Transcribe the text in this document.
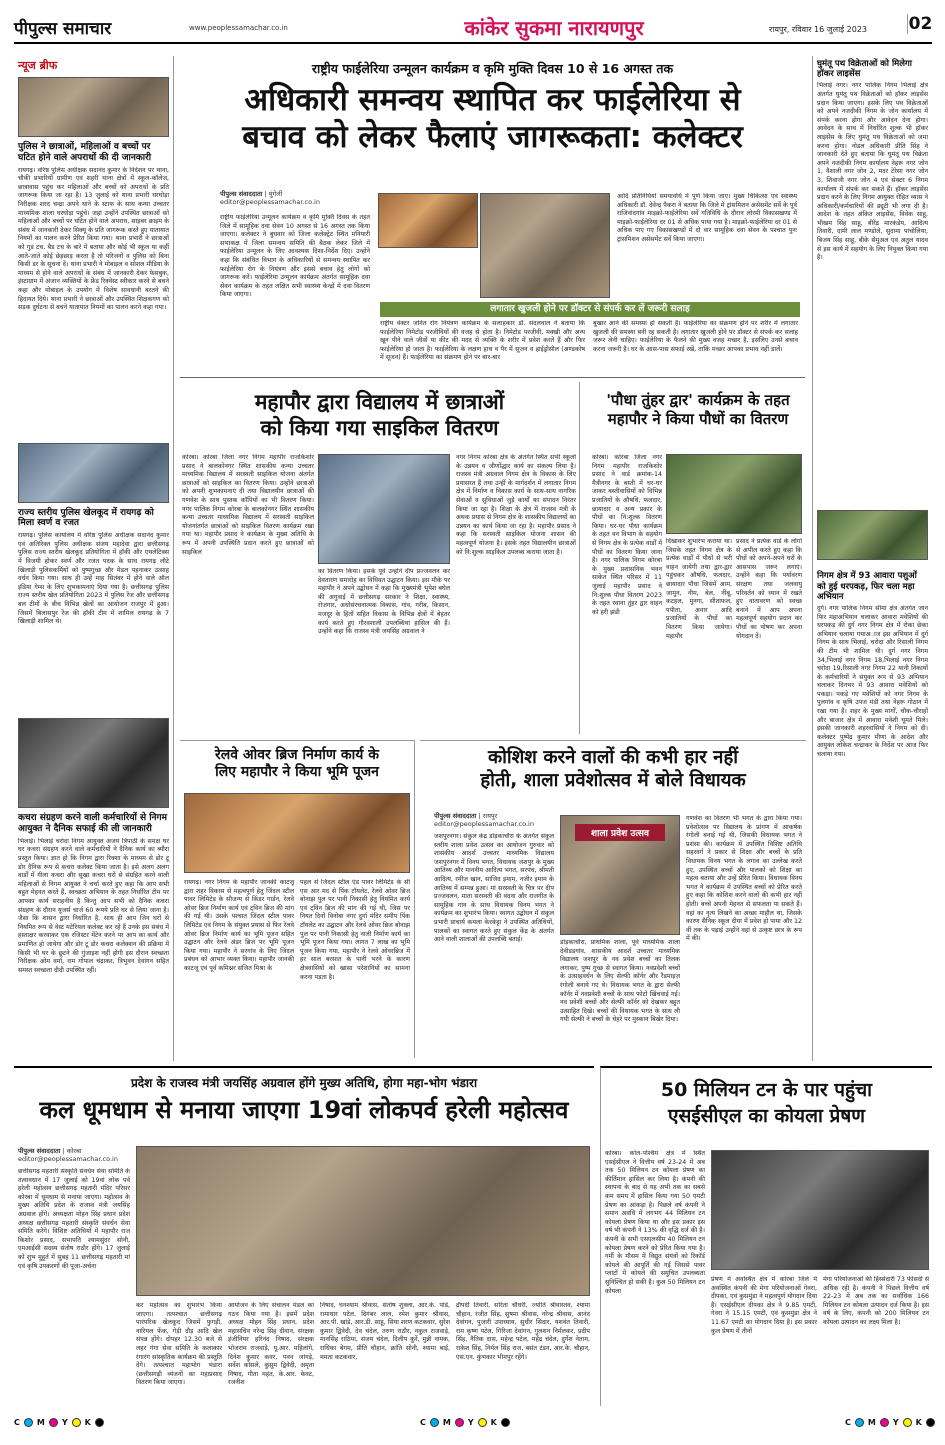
पीपुल्स समाचार	www.peoplessamachar.co.in	कांकेर सुकमा नारायणपुर	रायपुर, रविवार 16 जुलाई 2023 02
न्यूज ब्रीफ
पुलिस ने छात्राओं, महिलाओं व बच्चों पर घटित होने वाले अपराधों की दी जानकारी
रायगढ़। वरिष्ठ पुलिस अधीक्षक सदानंद कुमार के निर्देशन पर थाना, चौकी प्रभारियों ग्रामीण एवं शहरी थाना क्षेत्रों में स्कूल-कॉलेज, छात्रावास पहुंच कर महिलाओं और बच्चों को अपराधों के प्रति जागरूक किया जा रहा है। 13 जुलाई को थाना प्रभारी घरघोड़ा निरीक्षक शरद चन्द्रा अपने थाने के स्टाफ के साथ कन्या उच्चतर माध्यमिक शाला घरघोड़ा पहुंचे। जहां उन्होंने उपस्थित छात्राओं को महिलाओं और बच्चों पर घटित होने वाले अपराध, साइबर क्राइम के संबंध में जानकारी देकर सिक्यू के प्रति जागरूक करते हुए यातायात नियमों का पालन करने प्रेरित किया गया। थाना प्रभारी ने छात्राओं को गुड टच, बैड टच के बारे में बताया और कोई भी स्कूल या कहीं आते-जाते कोई छेड़छाड़ करता है तो परिजनों व पुलिस को बिना किसी डर के सूचना दें। थाना प्रभारी ने मोबाइल व सोशल मीडिया के माध्यम से होने वाले अपराधों के संबंध में जानकारी देकर फेसबुक, इंस्टाग्राम में अंजान व्यक्तियों के फ्रेंड रिक्वेस्ट स्वीकार करने से बचने कहा और मोबाइल के उपयोग में विशेष सावधानी बरतने की हिदायत दिये। थाना प्रभारी ने छात्राओं और उपस्थित शिक्षकगण को सड़क दुर्घटना से बचने यातायात नियमों का पालन करने कहा गया।
राज्य स्तरीय पुलिस खेलकूद में रायगढ़ को मिला स्वर्ण व रजत
रायगढ़। पुलिस कार्यालय में वरिष्ठ पुलिस अधीक्षक सदानंद कुमार एवं अतिरिक्त पुलिस अधीक्षक संजय महादेवा द्वारा छत्तीसगढ़ पुलिस राज्य स्तरीय खेलकूद प्रतियोगिता में हॉकी और एथलेटिक्स में विजयी होकर स्वर्ण और रजत पदक के साथ रायगढ़ लौटे खिलाड़ी पुलिसकर्मियों को पुष्पगुच्छ और मेडल पहनाकर उत्साह वर्धन किया गया। साथ ही उन्हें माह सितंबर में होने वाले ऑल इंडिया गेम्स के लिए शुभकामनाएं दिया गया है। छत्तीसगढ़ पुलिस राज्य स्तरीय खेल प्रतियोगिता 2023 में पुलिस रेंज और छत्तीसगढ़ बल टीमों के बीच विभिन्न खेलों का आयोजन राजपुर में हुआ। जिसमें बिलासपुर रेंज की हॉकी टीम में शामिल रायगढ़ के 7 खिलाड़ी शामिल थे।
कचरा संग्रहण करने वाली कर्मचारियों से निगम आयुक्त ने दैनिक सफाई की ली जानकारी
भिलाई। भिलाई चरोदा निगम आयुक्त अजय त्रिपाठी के समक्ष घर घर कचरा संग्रहण करने वाले कर्मचारियों ने दैनिक कार्य का ब्यौरा प्रस्तुत किया। ज्ञात हो कि निगम द्वारा रिक्शा के माध्यम से डोर टू डोर दैनिक रूप से कचरा कलेक्ट किया जाता है। इसे अलग अलग वार्डों में गीला कचरा और सूखा कचरा घरों से संग्रहित करने वाली महिलाओं से निगम आयुक्त ने चर्चा करते हुए कहा कि आप सभी बहुत मेहनत करते हैं, स्वच्छता अभियान के तहत निर्धारित टीम पर आपका कार्य सराहनीय है किन्तु आप सभी को दैनिक कचरा संग्रहण के दौरान यूजर्स चार्ज 60 रूपये प्रति घर से लिया जाना है। जैसा कि शासन द्वारा निर्धारित है, साथ ही आप जिन घरों से नियमित रूप से वेस्ट मटेरियल कलेक्ट कर रहे हैं उनके इस संबंध में हस्ताक्षर करवाकर एक रजिस्टर मेंटेन करने पर आप का कार्य और प्रमाणित हो जायेगा और डोर टू डोर कचरा कलेक्शन की प्रक्रिया में किसी भी घर के छूटने की गुंजाइश नहीं होगी इस दौरान स्वच्छता निरीक्षक ओम वर्मा, राम गोपाल चंद्राकर, त्रिभुवन देवांगन सहित समस्त स्वच्छता दीदी उपस्थित रहीं।
राष्ट्रीय फाईलेरिया उन्मूलन कार्यक्रम व कृमि मुक्ति दिवस 10 से 16 अगस्त तक
अधिकारी समन्वय स्थापित कर फाईलेरिया से
बचाव को लेकर फैलाएं जागरूकता: कलेक्टर
पीपुल्स संवाददाता | मुंगेली
editor@peoplessamachar.co.in
राष्ट्रीय फाईलेरिया उन्मूलन कार्यक्रम व कृमि मुक्ति दिवस के तहत जिले में सामूहिक दवा सेवन 10 अगस्त से 16 अगस्त तक किया जाएगा। कलेक्टर ने बुधवार को जिला कलेक्ट्रेट स्थित मनियारी सभाकक्ष में जिला समन्वय समिति की बैठक लेकर जिले में फाईलेरिया उन्मूलन के लिए आवश्यक दिशा-निर्देश दिए। उन्होंने कहा कि संबंधित विभाग के अधिकारियों से समन्वय स्थापित कर फाईलेरिया रोग के नियंत्रण और इससे बचाव हेतु लोगों को जागरूक करें। फाईलेरिया उन्मूलन कार्यक्रम अंतर्गत सामूहिक दवा सेवन कार्यक्रम के तहत लक्षित सभी स्वास्थ्य केन्द्रों में दवा वितरण किया जाएगा।
आदि प्रतिनिधियों समयावधि में पूर्ण किया जाए। मुख्य चिकित्सा एवं स्वास्थ्य अधिकारी डॉ. देवेन्द्र पैकरा ने बताया कि जिले में ट्रांसमिशन असेसमेंट सर्वे के पूर्व राजिनांदगांव माइक्रो-फाईलेरिया सर्वे गतिविधि के दौरान लोरमी विकासखण्ड में माइक्रो-फाईलेरिया दर 01 से अधिक पाया गया है। माइक्रो-फाईलेरिया दर 01 से अधिक पाए गए विकासखण्डों में दो वार सामूहिक दवा सेवन के पश्चात पुनः ट्रांसमिशन असेसमेंट सर्वे किया जाएगा।
लगातार खुजली होने पर डॉक्टर से संपर्क कर लें जरूरी सलाह
राष्ट्रीय वेक्टर जनित रोग नियंत्रण कार्यक्रम के सलाहकार डॉ. संदलवाल ने बताया कि फाईलेरिया निमेटोड परजीवियों की वजह से होता है। निमेटोड परजीवी, मक्खी और अन्य खून पीने वाले जीवों या कीट की मदद से व्यक्ति के शरीर में प्रवेश करते हैं और फिर फाईलेरिया हो जाता है। फाईलेरिया के लक्षण हाथ व पैर में सूजन व हाईड्रोसील (अण्डकोष में सूजन) हैं। फाईलेरिया का संक्रमण होने पर बार-बार
बुखार आने की समस्या हो सकती है। फाईलेरिया का संक्रमण होने पर शरीर में लगातार खुजली की समस्या बनी रह सकती है। लगातार खुजली होने पर डॉक्टर से संपर्क कर सलाह जरूर लेनी चाहिए। फाईलेरिया के फैलने की मुख्य वजह मच्छर है, इसलिए उनसे बचाव करना जरूरी है। घर के आस-पास सफाई रखें, ताकि मच्छर आपका प्रभाव नहीं डालें।
घुमंतू पथ विक्रेताओं को मिलेगा हॉकर लाइसेंस
भिलाई नगर। नगर पालिक निगम भिलाई क्षेत्र अंतर्गत घुमंतू पथ विक्रेताओं को हॉकर लाइसेंस प्रदान किया जाएगा। इसके लिए पथ विक्रेताओं को अपने नजदीकी निगम के जोन कार्यालय में संपर्क करना होगा और आवेदन देना होगा। आवेदन के साथ में निर्धारित शुल्क भी हॉकर लाइसेंस के लिए घुमंतू पथ विक्रेताओं को जमा करना होगा। नोडल अधिकारी प्रीति सिंह ने जानकारी देते हुए बताया कि घुमंतू पथ विक्रेता अपने नजदीकी निगम कार्यालय नेहरू नगर जोन 1, वैशाली नगर जोन 2, मदर टेरेसा नगर जोन 3, शिवाजी नगर जोन 4 एवं सेक्टर 6 निगम कार्यालय में संपर्क कर सकते हैं। हॉकर लाइसेंस प्रदान करने के लिए निगम आयुक्त रोहित व्यास ने अधिकारी/कर्मचारियों की ड्यूटी भी लगा दी है। आदेश के तहत अंकित लाइसेंस, विवेक साहू, भीखम सिंह साहू, बीरेंद्र मारकंडेय, आदित्य तिवारी, दामी लाल मण्डोले, सुदामा पांचोलिया, बिजय सिंह साहू, बीके सेमुअल एवं अतुल यादव से इस कार्य में सहयोग के लिए नियुक्त किया गया है।
निगम क्षेत्र में 93 आवारा पशुओं को हुई धरपकड़, फिर चला महा अभियान
दुर्ग। नगर पालिक निगम सीमा क्षेत्र अंतर्गत जान फिर महाअभियान चलाकर आवारा मवेशियों की धरपकड़ की दुर्ग नगर निगम क्षेत्र में रोका छेका अभियान चलाया गयाअाज इस अभियान में दुर्ग निगम के साथ भिलाई, चरोदा और रिसाली निगम की टीम भी शामिल थी। दुर्ग नगर निगम 34,भिलाई नगर निगम 18,भिलाई नगर निगम चरोदा 19,रिसाली नगर निगम 22 यानी निकायों के कर्मचारियों ने संयुक्त रूप से 93 अभियान चलाकर दिनभर में 93 आवारा मवेशियों को पकड़ा। पकड़े गए मवेशियों को नगर निगम के पुलगांव व कृषि उपज मंडी तथा नेहरू गोठान में रखा गया है। शहर के मुख्य मार्गों, चौक-चौराहों और बाजार क्षेत्र में आवारा मवेशी घूमते मिले। इसकी जानकारी शहरवासियों ने निगम को दी। कलेक्टर पुष्पेंद्र कुमार मीणा के आदेश और आयुक्त लोकेश चन्द्राकर के निर्देश पर आज फिर चलाया गया।
महापौर द्वारा विद्यालय में छात्राओं
को किया गया साइकिल वितरण
कोरबा। कोरबा जिला नगर निगम महापौर राजकिशोर प्रसाद ने बालकोनगर स्थित शासकीय कन्या उच्चतर माध्यमिक विद्यालय में सरस्वती साइकिल योजना अंतर्गत छात्राओं को साइकिल का वितरण किया। उन्होंने छात्राओं को अपनी शुभकामनाएं दी तथा विद्यालयीन छात्राओं की गणवेश के साथ पुस्तक कॉपियों का भी वितरण किया। नगर पालिक निगम कोरबा के बालकोनगर स्थित शासकीय कन्या उच्चतर माध्यमिक विद्यालय में सरस्वती साइकिल योजनांतर्गत छात्राओं को साइकिल वितरण कार्यक्रम रखा गया था। महापौर प्रसाद ने कार्यक्रम के मुख्य अतिथि के रूप में अपनी उपस्थिति प्रदान करते हुए छात्राओं को साइकिल
का वितरण किया। इसके पूर्व उन्होंने दीप प्रज्जवलन कर देवतारण समारोह का विधिवत उद्घाटन किया। इस मौके पर महापौर ने अपने उद्बोधन में कहा कि मुख्यमंत्री भूपेश बघेल की अगुवाई में छत्तीसगढ़ सरकार ने शिक्षा, स्वास्थ्य, रोजगार, अधोसंरचनात्मक विकास, गांव, गरीब, किसान, मजदूर के हितों सहित विकास के विभिन्न क्षेत्रों में बेहतर कार्य करते हुए गौरवशाली उपलब्धियां हासिल की हैं। उन्होंने कहा कि राजस्व मंत्री जयसिंह अग्रवाल ने
नगर निगम कोरबा क्षेत्र के अंतर्गत स्थित सभी स्कूलों के उन्नयन व जीर्णोद्धार कार्य का संकल्प लिया है। राजस्व मंत्री अग्रवाल निगम क्षेत्र के विकास के लिए प्रयासरत हैं तथा उन्हीं के मार्गदर्शन में लगातार निगम क्षेत्र में निर्माण व विकास कार्य के साथ-साथ नागरिक सेवाओं व सुविधाओं जुड़े कार्यों का संपादन निरंतर किया जा रहा है। शिक्षा के क्षेत्र में राजस्व मंत्री के अथक प्रयास से निगम क्षेत्र के शासकीय विद्यालयों का उन्नयन का कार्य किया जा रहा है। महापौर प्रसाद ने कहा कि सरस्वती साइकिल योजना शासन की महत्वपूर्ण योजना है। इसके तहत विद्यालयीन छात्राओं को नि:शुल्क साइकिल उपलब्ध कराया जाता है।
'पौधा तुंहर द्वार' कार्यक्रम के तहत
महापौर ने किया पौधों का वितरण
कोरबा। कोरबा जिला नगर निगम महापौर राजकिशोर प्रसाद ने वार्ड क्रमांक-14 मैत्रीनगर के बस्ती में घर-घर जाकर बस्तीवासियों को विभिन्न प्रजातियों के औषधि, फलदार, छायादार व अन्य प्रकार के पौधों का नि:शुल्क वितरण किया। घर-घर पौधा कार्यक्रम के तहत वन विभाग के सहयोग से निगम क्षेत्र के प्रत्येक वार्डों में पौधों का वितरण किया जाना है। नगर पालिक निगम कोरबा के मुख्य प्रशासनिक भवन साकेत स्थित परिसर में 11 जुलाई महापौर प्रसाद ने नि:शुल्क पौधा वितरण 2023 के तहत रवाना तुंहर द्वार वाहन को हरी झंडी
दिखाकर शुभारंभ कराया था। जिसके तहत निगम क्षेत्र के प्रत्येक वार्डों में पौधों से भरी वाहन जायेगी तथा द्वार-द्वार पहुंचकर औषधि, फलदार, छायादार पौधा जिसमें आम, जामुन, नीम, बेल, नींबू, कटहल, मुनगा, सीताफल, पपीता, अनार आदि प्रजातियों के पौधों का वितरण किया जायेगा। महापौर
प्रसाद ने प्रत्येक वार्ड के लोगों से अपील करते हुए कहा कि पौधों को अपने-अपने घरों के आसपास जरूर लगाएं। उन्होंने कहा कि पर्यावरण संरक्षण तथा जलवायु परिवर्तन को ध्यान में रखते हुए वातावरण को स्वच्छ बनाने में आप अपना महत्वपूर्ण सहयोग प्रदान कर पौधों का पोषण कर अपना योगदान दें।
रेलवे ओवर ब्रिज निर्माण कार्य के
लिए महापौर ने किया भूमि पूजन
रायगढ़। नगर निगम के महापौर जानकी काटजू द्वारा शहर विकास से महत्वपूर्ण हेतु जिंदल स्टील पावर लिमिटेड के सौजन्य से किंडर गार्डन, रेलवे ओवर ब्रिज निर्माण कार्य एवं ट्विन ब्रिज की मांग की गई थी। उसके पश्चात जिंदल स्टील पावर लिमिटेड एवं निगम के संयुक्त प्रयास से फिर रेलवे ओवर ब्रिज निर्माण कार्य का भूमि पूजन सहित उद्घाटन और रेलवे अंडर ब्रिज पर भूमि पूजन किया गया। महापौर ने सरगांव के लिए जिंदल प्रबंधन को आभार व्यक्त किया। महापौर जानकी काटजू एवं पूर्व कमिश्नर संजित मिश्रा के
पहल से जिंदल स्टील एंड पावर लिमिटेड के सी एस आर मद से पिंक टॉयलेट, रेलवे ओवर ब्रिज बोनाझ पुल पर पानी निकासी हेतु नियमित कार्य एवं ट्विन ब्रिज की मांग की गई थी, जिस पर नियत दिनों विनोबा नगर दुर्गा मंदिर समीप पिंक टॉयलेट का उद्घाटन और रेलवे ओवर ब्रिज बोनाझ पुल पर पानी निकासी हेतु नाली निर्माण कार्य का भूमि पूजन किया गया। लागत 7 लाख का भूमि पूजन किया गया, महापौर ने रेलवे ओवरब्रिज में हर साल बरसात के पानी भरने के कारण क्षेत्रवासियों को खासा परेशानियों का सामना करना पड़ता है।
कोशिश करने वालों की कभी हार नहीं
होती, शाला प्रवेशोत्सव में बोले विधायक
पीपुल्स संवाददाता | रायपुर
editor@peoplessamachar.co.in
जशपुरनगर। संकुल केंद्र डोड़काचौरा के अंतर्गत संकुल स्तरीय शाला प्रवेश उत्सव का आयोजन गुरुवार को शासकीय आदर्श उच्चतर माध्यमिक विद्यालय जशपुरनगर में विनय भगत, विधायक जशपुर के मुख्य आतिथ्य और माननीय आदित्य भगत, सरपंच, श्रीमती आदित्य, रमीज खान, साजिद इमाम, नजीर इमाम के आतिथ्य में सम्पन्न हुआ। मां सरस्वती के चित्र पर दीप प्रज्जवलन, माता सरस्वती की वंदना और राजगीत के सामूहिक गान के साथ विधायक विनय भगत ने कार्यक्रम का शुभारंभ किया। स्वागत उद्बोधन में संकुल प्रभारी प्राचार्य कमला केरकेट्टा ने उपस्थित अतिथियों, पालकों का स्वागत करते हुए संकुल केंद्र के अंतर्गत आने वाली शालाओं की उपलब्धि बताई।
शाला प्रवेश उत्सव
डोड़काचौरा, प्राथमिक शाला, पूर्व माध्यमिक शाला देवीडडगांव, शासकीय आदर्श उच्चतर माध्यमिक विद्यालय जशपुर के नव प्रवेश बच्चों का तिलक लगाकर, पुष्प गुच्छ से स्वागत किया। नवप्रवेशी बच्चों के उत्साहवर्धन के लिए सेल्फी कॉर्नर और रैंडमाइज़ रंगोली बनाये गए थे। विधायक भगत के द्वारा सेल्फी कॉर्नर में नवप्रवेशी बच्चों के साथ फोटो खिंचवाई गई। नव प्रवेशी बच्चों और सेल्फी कॉर्नर को देखकर बहुत उत्साहित दिखे। बच्चों की विधायक भगत के साथ ली गयी सेल्फी ने बच्चों के चेहरे पर मुस्कान बिखेर दिया।
गणवेश का वितरण भी भगत के द्वारा किया गया। प्रवेशोत्सव पर विद्यालय के प्रांगण में आकर्षक रंगोली बनाई गई थी, जिसकी विधायक भगत ने प्रशंसा की। कार्यक्रम में उपस्थित विशिष्ट अतिथि सहरवर्ग ने प्रकार से शिक्षा और बच्चों के प्रति विधायक विनय भगत के लगाव का उल्लेख करते हुए, उपस्थित बच्चों और पालकों को शिक्षा का महत्व बताया और उन्हें प्रेरित किया। विधायक विनय भगत ने कार्यक्रम में उपस्थित बच्चों को प्रेरित करते हुए कहा कि कोशिश करने वालों की कभी हार नहीं होती। बच्चे अपनी मेहनत से सफलता पा सकते हैं। वहां का नृत्य लिखने का अच्छा माहौल था, जिसके कारण सैनिक स्कूल दीया में प्रवेश हो पाया और 12 वीं तक के पढ़ाई उन्होंने वहां से उत्कृष्ट छात्र के रूप में की।
प्रदेश के राजस्व मंत्री जयसिंह अग्रवाल होंगे मुख्य अतिथि, होगा महा-भोग भंडारा
कल धूमधाम से मनाया जाएगा 19वां लोकपर्व हरेली महोत्सव
पीपुल्स संवाददाता | कोरबा
editor@peoplessamachar.co.in
छत्तीसगढ़ महतारी संस्कृति संवर्धन सेवा समिति के तत्वावधान में 17 जुलाई को 19वां लोक पर्व हरेली महोत्सव छत्तीसगढ़ महतारी मंदिर परिसर कोरबा में धूमधाम से मनाया जाएगा। महोत्सव के मुख्य अतिथि प्रदेश के राजस्व मंत्री जयसिंह अग्रवाल होंगे। अध्यक्षता मोहन सिंह प्रधान प्रदेश अध्यक्ष छत्तीसगढ़ महतारी संस्कृति संवर्धन सेवा समिति करेंगे। विशिष्ट अतिथियों में महापौर राज किशोर प्रसाद, सभापति श्यामसुंदर सोनी, एमआईसी सदस्य संतोष राठौर होंगे। 17 जुलाई को शुभ मुहूर्त में सुबह 11 छत्तीसगढ़ महतारी मां एवं कृषि उपकरणों की पूजा-अर्चना
कर महोत्सव का शुभारंभ किया जाएगा। तत्पश्चात छत्तीसगढ़ पारंपरिक खेलकूद जिसमें फुगड़ी, नारियल फेंक, गेड़ी दौड़ आदि खेल संपन्न होंगे। दोपहर 12.30 बजे से लहर गंगा सेवा समिति के कलाकार रंगारंग सांस्कृतिक कार्यक्रम की प्रस्तुति देंगे। तत्पश्चात महाभोग भंडारा (छत्तीसगढ़ी व्यंजनों का महाप्रसाद वितरण किया जाएगा।
आयोजन के लिए संचालन मंडल का गठन किया गया है। इसमें प्रदेश अध्यक्ष मोहन सिंह प्रधान, प्रदेश महासचिव नरेन्द्र सिंह दीवान, संरक्षक इंजीनियर हरिनंद निषाद, संरक्षक भोजराम राजवाड़े, यू.आर. महिलांगे, दिनेश कुमार कवर, पवन जांगड़े, सर्वेश कोसले, कुसुम द्विवेदी, अमृता निषाद, गीता महंत, के.आर. केवट, रजनीश
निषाद, घनश्याम श्रीवास, संतोष शुक्ला, आर.के. पांडे, रामाधार पटेल, दिगंबर लाल, रमेश कुमार श्रीवास, आर.पी. खांडे, आर.डी. साहू, सिया शरण कटकवार, सुरेश कुमार द्विवेदी, देव चंदेल, तरुण राठौर, नकुल राजवाड़े, मानसिंह राठिया, संजय चंदेल, दिलीप कुर्रे, मुन्नी नायक, राधिका बेगम, प्रीति चौहान, क्रांति सोनी, श्यामा बाई, ममता कटकवार,
द्रौपदी तिवारी, सरिता चौधरी, ज्योति श्रीवास्तव, श्यामा चौहान, रंजीत सिंह, सुषमा श्रीवास, नरेन्द्र श्रीवास, आनंद देवांगन, पुजारी उपाध्याय, सुधीर सिदार, यशवंत तिवारी, राम कृष्ण पटेल, गिरिजा देवांगन, गुलशन निर्मलकर, प्रदीप सिंह, नैतिक दास, महेन्द्र पटेल, महेंद्र चंदेल, दुर्गेश नेताम, राकेश सिंह, निर्मल सिंह राज, बसंत टंडन, आर.के. चौहान, एस.एन. कुंभकार भीमपुर रहेंगे।
50 मिलियन टन के पार पहुंचा
एसईसीएल का कोयला प्रेषण
कोरबा। कोल-पश्चिम क्षेत्र में स्थित एसईसीएल ने वित्तीय वर्ष 23-24 में अब तक 50 मिलियन टन कोयला प्रेषण का कीर्तिमान हासिल कर लिया है। कंपनी की स्थापना के बाद से यह अभी तक का सबसे कम समय में हासिल किया गया 50 एमटी प्रेषण का आंकड़ा है। पिछले वर्ष कंपनी ने समान अवधि में लगभग 44 मिलियन टन कोयला प्रेषण किया था और इस प्रकार इस वर्ष भी कंपनी ने 13% की वृद्धि दर्ज की है। कंपनी के सभी एसएलसीम 40 मिलियन टन कोयला प्रेषण करने को प्रेरित किया गया है। गर्मी के मौसम में विद्युत संयंत्रों को रिकॉर्ड कोयले की आपूर्ति की गई जिससे पावर प्लांटों में कोयले की समुचित उपलब्धता सुनिश्चित हो सकी है। कुल 50 मिलियन टन कोयला
प्रेषण में अवस्थित क्षेत्र में कोरबा जिले में अवस्थित कंपनी की मेगा परियोजनाओं गेवरा, दीपका, एवं कुसमुंडा ने महत्वपूर्ण योगदान दिया है। एसईसीएल दीपका क्षेत्र ने 9.85 एमटी, गेवरा ने 15.15 एमटी, एवं कुसमुंडा क्षेत्र ने 11.67 एमटी का योगदान दिया है। इस प्रकार कुल प्रेषण में तीनों
मेगा परियोजनाओं की हिस्सेदारी 73 फीसदी से अधिक रही है। कंपनी ने पिछले वित्तीय वर्ष 22-23 में अब तक का सर्वाधिक 166 मिलियन टन कोयला उत्पादन दर्ज किया है। इस वर्ष के लिए, कंपनी को 200 मिलियन टन कोयला उत्पादन का लक्ष्य मिला है।
C M Y K	C M Y K	C M Y K
